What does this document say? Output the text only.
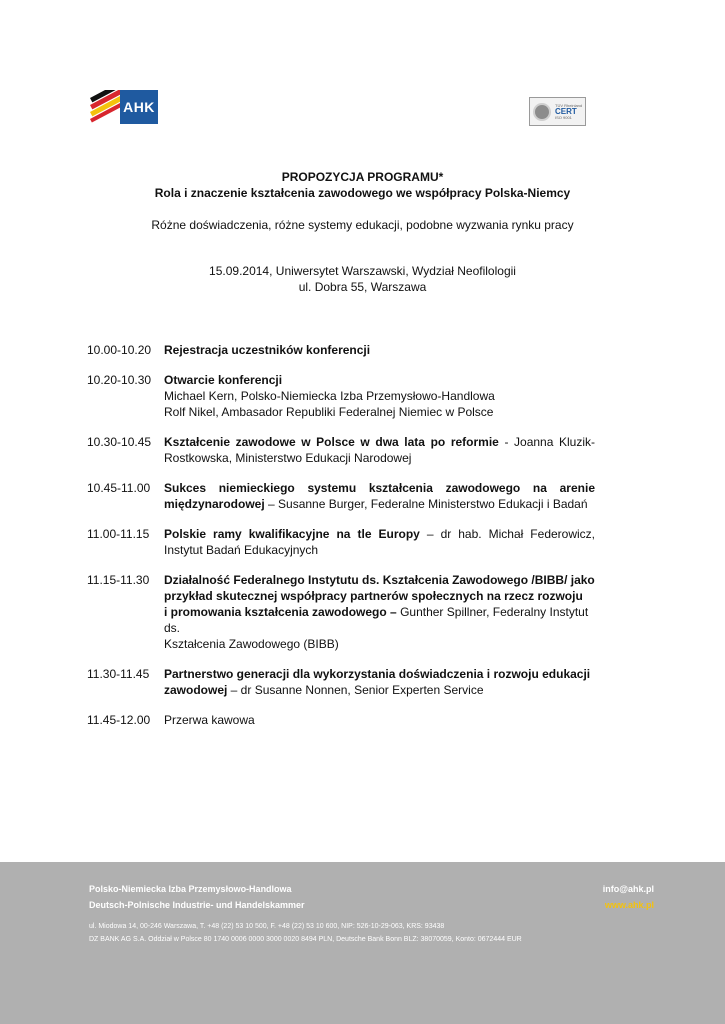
AHK	TÜV Rheinland
CERT
ISO 9001
PROPOZYCJA PROGRAMU*
Rola i znaczenie kształcenia zawodowego we współpracy Polska-Niemcy
Różne doświadczenia, różne systemy edukacji, podobne wyzwania rynku pracy
15.09.2014, Uniwersytet Warszawski, Wydział Neofilologii
ul. Dobra 55, Warszawa
10.00-10.20	Rejestracja uczestników konferencji
10.20-10.30	Otwarcie konferencji
Michael Kern, Polsko-Niemiecka Izba Przemysłowo-Handlowa
Rolf Nikel, Ambasador Republiki Federalnej Niemiec w Polsce
10.30-10.45	Kształcenie zawodowe w Polsce w dwa lata po reformie - Joanna Kluzik-Rostkowska, Ministerstwo Edukacji Narodowej
10.45-11.00	Sukces niemieckiego systemu kształcenia zawodowego na arenie międzynarodowej – Susanne Burger, Federalne Ministerstwo Edukacji i Badań
11.00-11.15	Polskie ramy kwalifikacyjne na tle Europy – dr hab. Michał Federowicz, Instytut Badań Edukacyjnych
11.15-11.30	Działalność Federalnego Instytutu ds. Kształcenia Zawodowego /BIBB/ jako
przykład skutecznej współpracy partnerów społecznych na rzecz rozwoju
i promowania kształcenia zawodowego – Gunther Spillner, Federalny Instytut ds.
Kształcenia Zawodowego (BIBB)
11.30-11.45	Partnerstwo generacji dla wykorzystania doświadczenia i rozwoju edukacji
zawodowej – dr Susanne Nonnen, Senior Experten Service
11.45-12.00	Przerwa kawowa
Polsko-Niemiecka Izba Przemysłowo-Handlowa
Deutsch-Polnische Industrie- und Handelskammer
info@ahk.pl
www.ahk.pl
ul. Miodowa 14, 00-246 Warszawa, T. +48 (22) 53 10 500, F. +48 (22) 53 10 600, NIP: 526-10-29-063, KRS: 93438
DZ BANK AG S.A. Oddział w Polsce 80 1740 0006 0000 3000 0020 8494 PLN, Deutsche Bank Bonn BLZ: 38070059, Konto: 0672444 EUR
